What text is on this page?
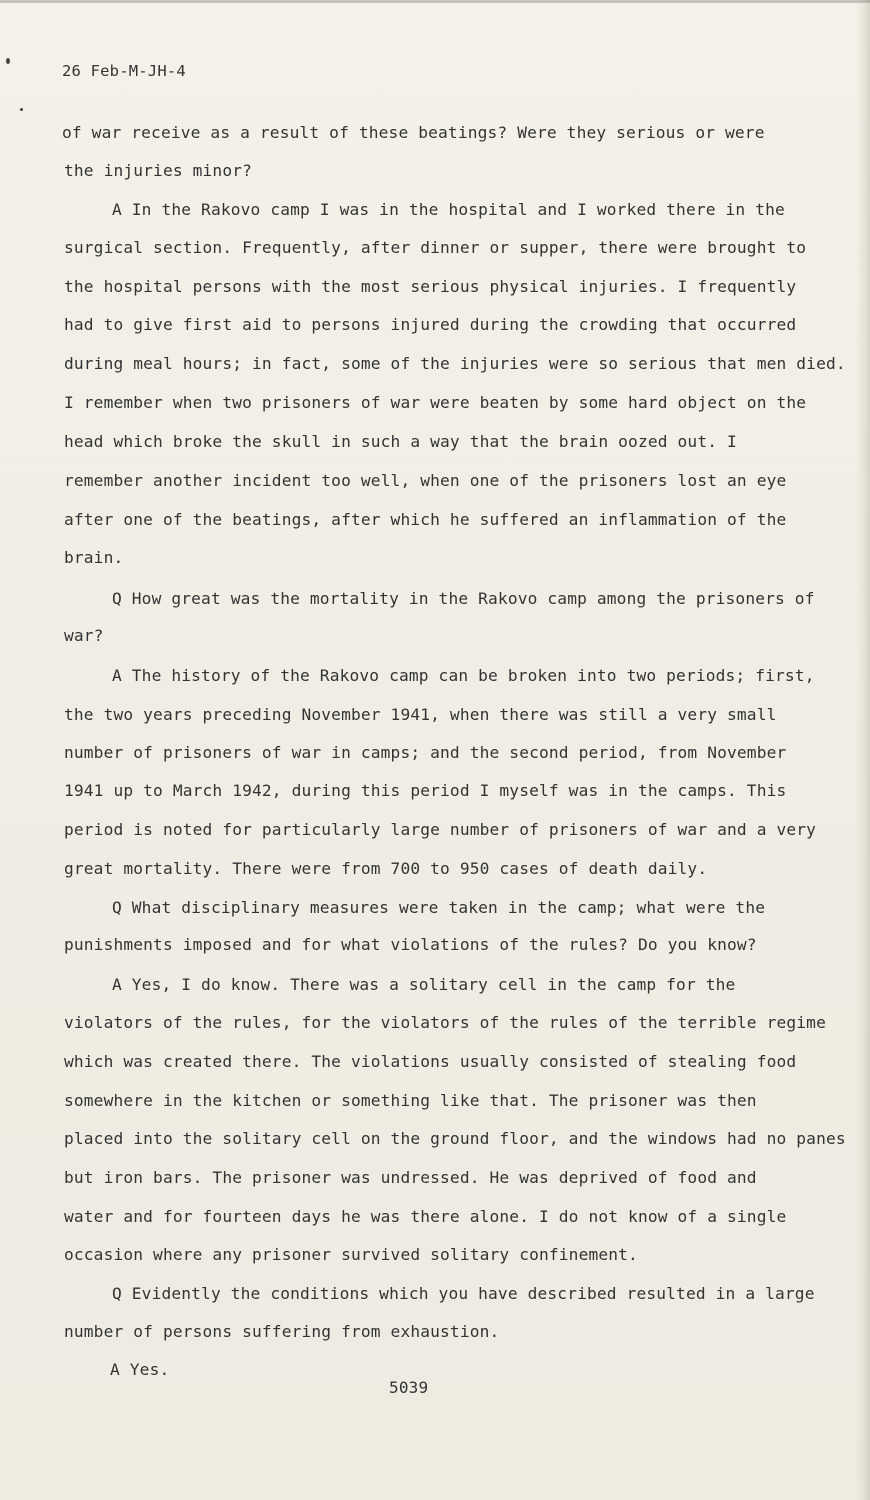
26 Feb-M-JH-4
of war receive as a result of these beatings? Were they serious or were
the injuries minor?
A In the Rakovo camp I was in the hospital and I worked there in the
surgical section. Frequently, after dinner or supper, there were brought to
the hospital persons with the most serious physical injuries. I frequently
had to give first aid to persons injured during the crowding that occurred
during meal hours; in fact, some of the injuries were so serious that men died.
I remember when two prisoners of war were beaten by some hard object on the
head which broke the skull in such a way that the brain oozed out. I
remember another incident too well, when one of the prisoners lost an eye
after one of the beatings, after which he suffered an inflammation of the
brain.
Q How great was the mortality in the Rakovo camp among the prisoners of
war?
A The history of the Rakovo camp can be broken into two periods; first,
the two years preceding November 1941, when there was still a very small
number of prisoners of war in camps; and the second period, from November
1941 up to March 1942, during this period I myself was in the camps. This
period is noted for particularly large number of prisoners of war and a very
great mortality. There were from 700 to 950 cases of death daily.
Q What disciplinary measures were taken in the camp; what were the
punishments imposed and for what violations of the rules? Do you know?
A Yes, I do know. There was a solitary cell in the camp for the
violators of the rules, for the violators of the rules of the terrible regime
which was created there. The violations usually consisted of stealing food
somewhere in the kitchen or something like that. The prisoner was then
placed into the solitary cell on the ground floor, and the windows had no panes
but iron bars. The prisoner was undressed. He was deprived of food and
water and for fourteen days he was there alone. I do not know of a single
occasion where any prisoner survived solitary confinement.
Q Evidently the conditions which you have described resulted in a large
number of persons suffering from exhaustion.
A Yes.
5039
